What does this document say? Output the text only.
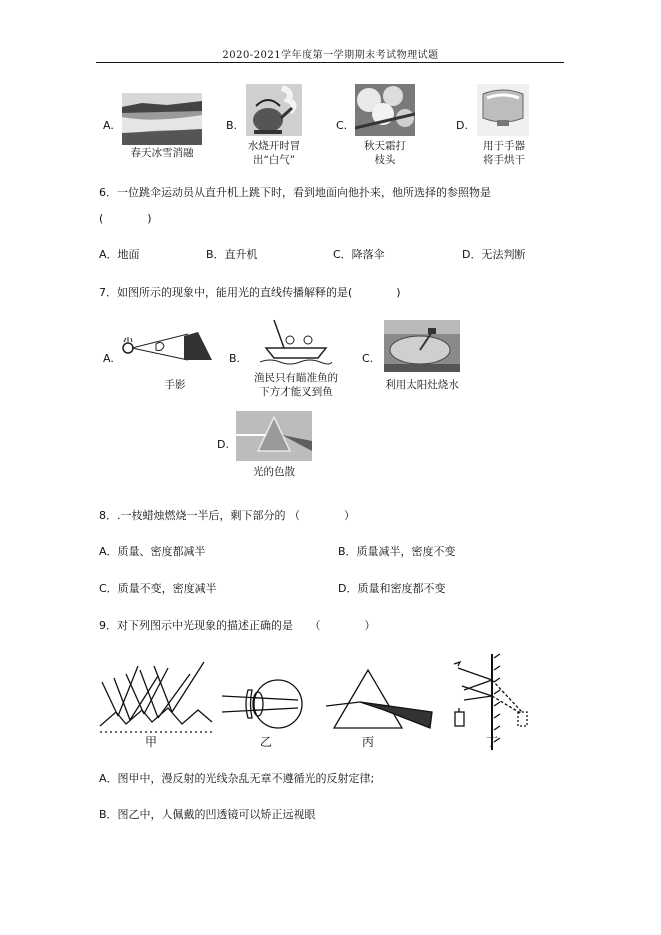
2020-2021学年度第一学期期末考试物理试题
A.
春天冰雪消融
B.
水烧开时冒
出“白气”
C.
秋天霜打
枝头
D.
用于手器
将手烘干
6．一位跳伞运动员从直升机上跳下时，看到地面向他扑来，他所选择的参照物是
(　　　　)
A．地面	B．直升机	C．降落伞	D．无法判断
7．如图所示的现象中，能用光的直线传播解释的是(　　　　)
A.
手影
B.
渔民只有瞄准鱼的
下方才能叉到鱼
C.
利用太阳灶烧水
D.
光的色散
8．.一枝蜡烛燃烧一半后，剩下部分的 （　　　　）
A．质量、密度都减半	B．质量减半，密度不变
C．质量不变，密度减半	D．质量和密度都不变
9．对下列图示中光现象的描述正确的是　　（　　　　）
甲	乙	丙	丁
A．图甲中，漫反射的光线杂乱无章不遵循光的反射定律;
B．图乙中，人佩戴的凹透镜可以矫正远视眼
